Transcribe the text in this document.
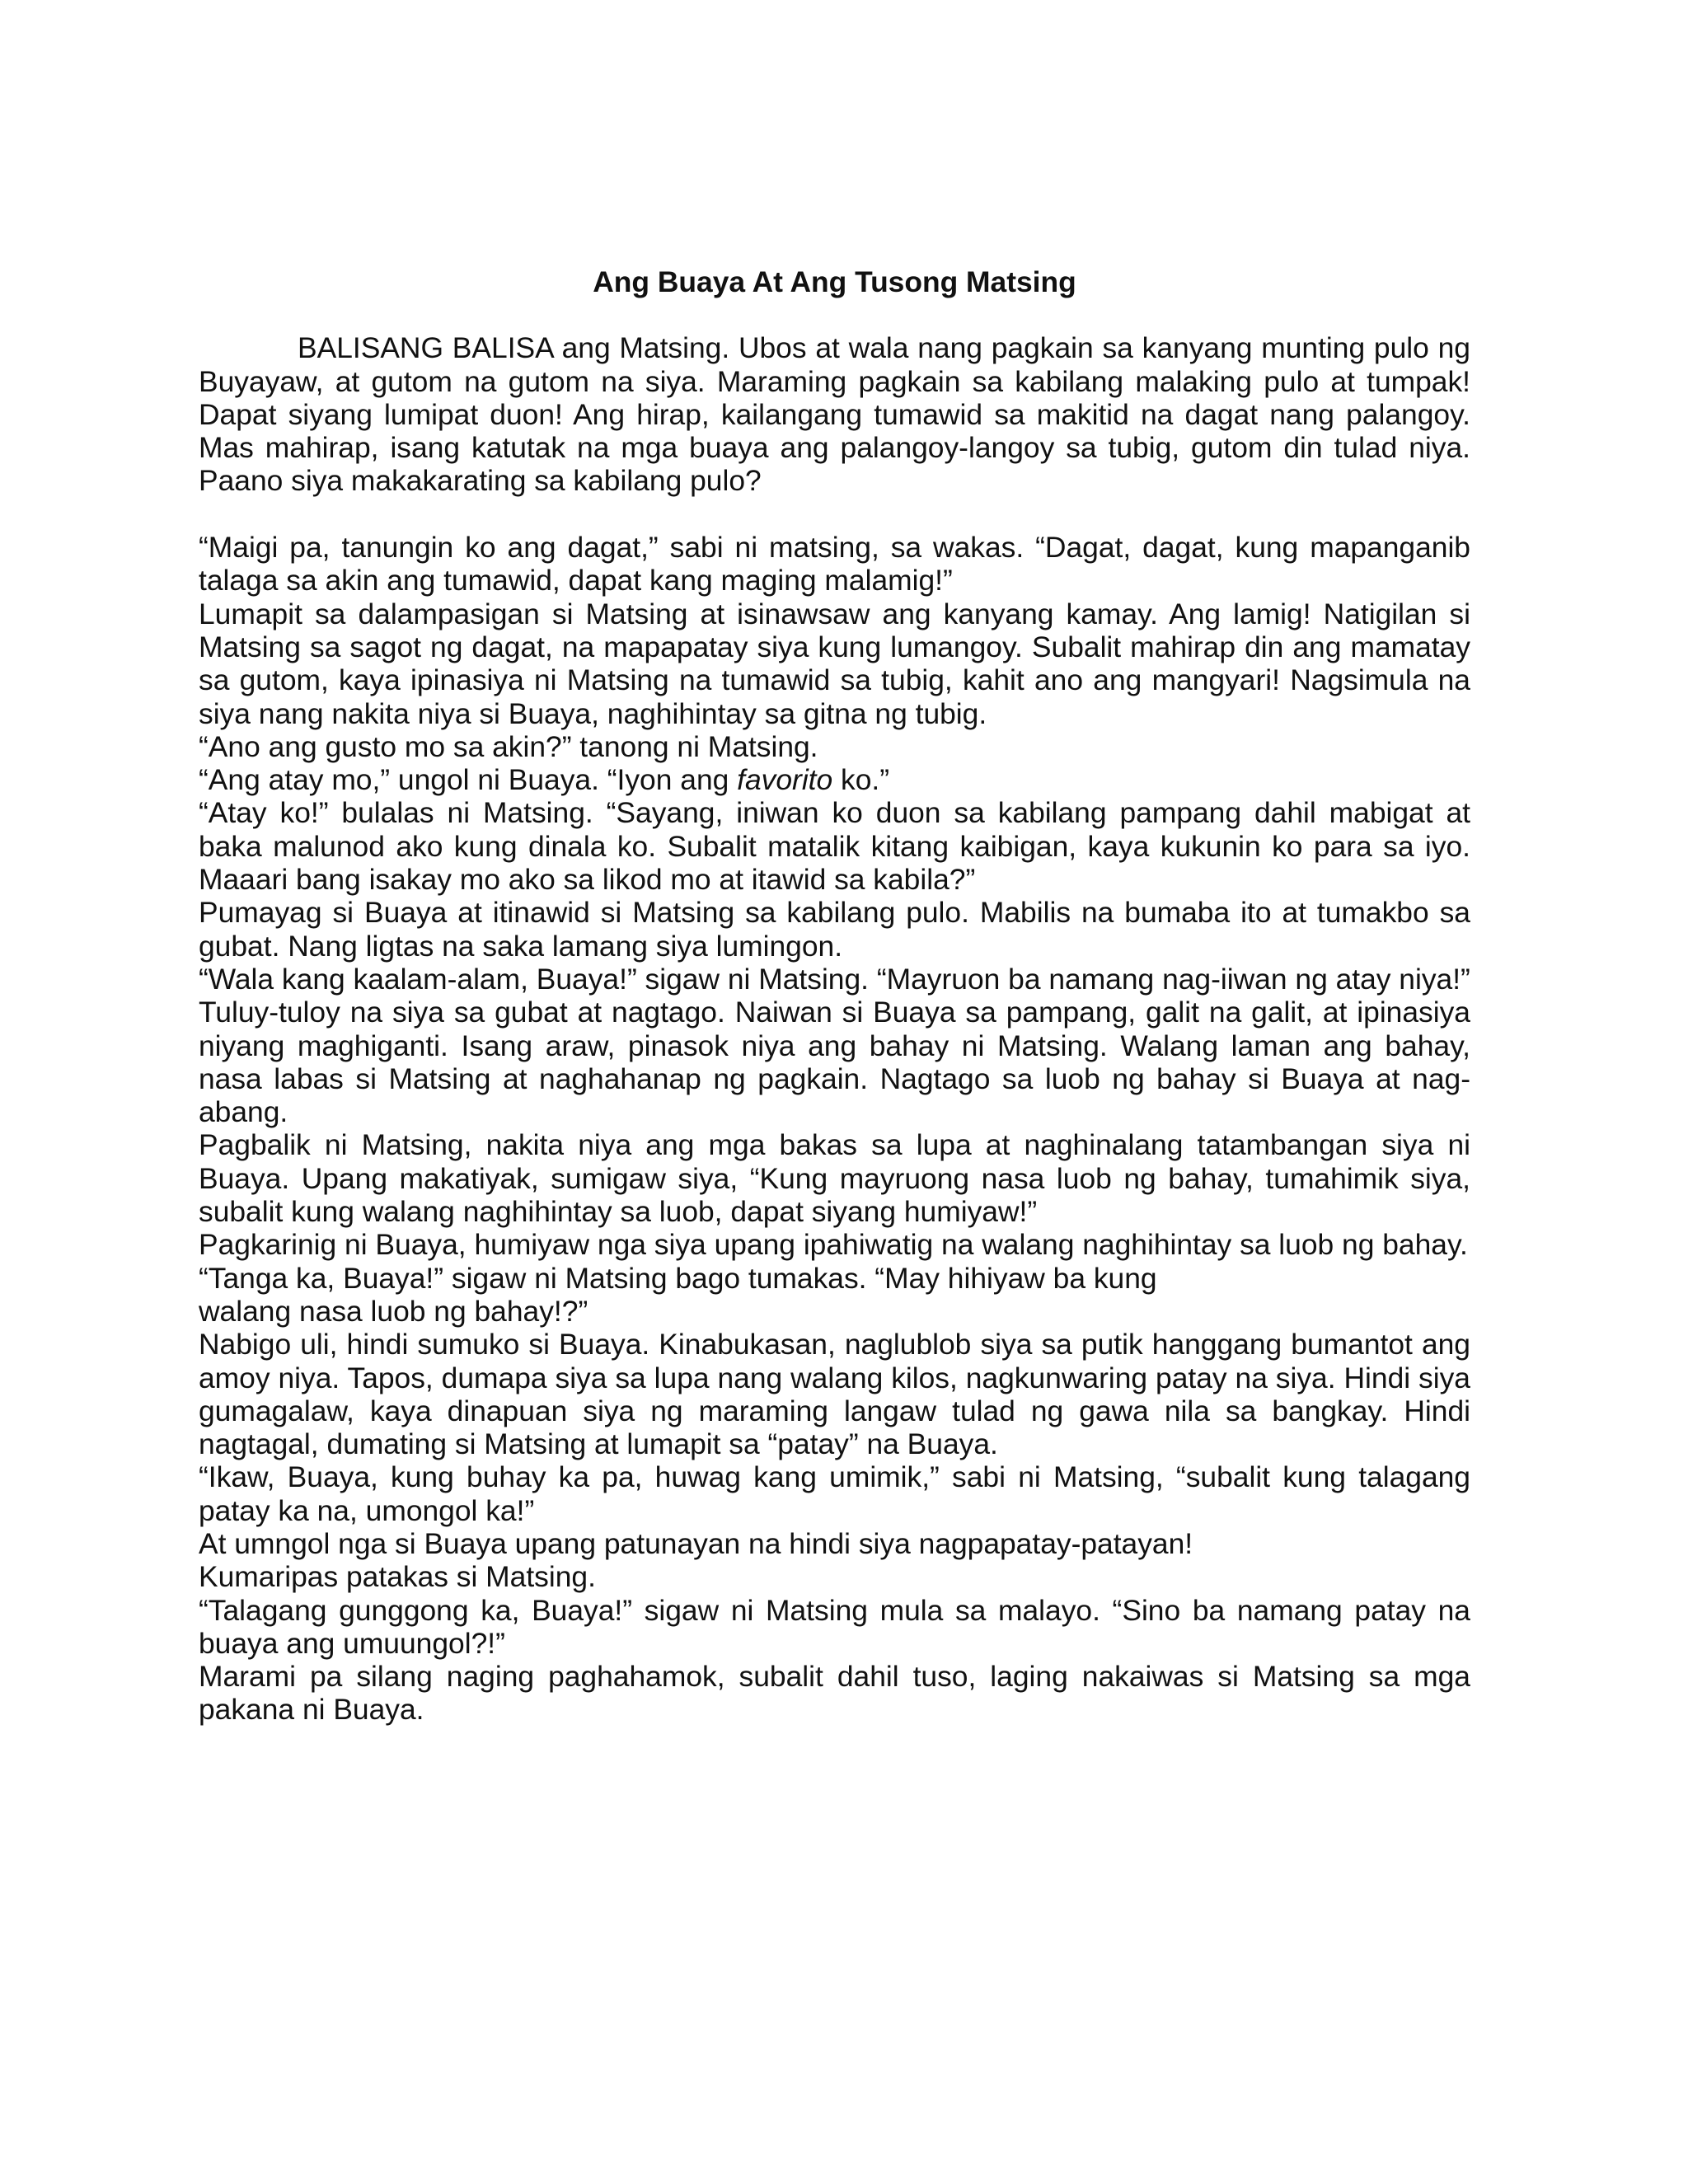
Ang Buaya At Ang Tusong Matsing

BALISANG BALISA ang Matsing. Ubos at wala nang pagkain sa kanyang munting pulo ng Buyayaw, at gutom na gutom na siya. Maraming pagkain sa kabilang malaking pulo at tumpak! Dapat siyang lumipat duon! Ang hirap, kailangang tumawid sa makitid na dagat nang palangoy. Mas mahirap, isang katutak na mga buaya ang palangoy-langoy sa tubig, gutom din tulad niya. Paano siya makakarating sa kabilang pulo?

“Maigi pa, tanungin ko ang dagat,” sabi ni matsing, sa wakas. “Dagat, dagat, kung mapanganib talaga sa akin ang tumawid, dapat kang maging malamig!”

Lumapit sa dalampasigan si Matsing at isinawsaw ang kanyang kamay. Ang lamig! Natigilan si Matsing sa sagot ng dagat, na mapapatay siya kung lumangoy. Subalit mahirap din ang mamatay sa gutom, kaya ipinasiya ni Matsing na tumawid sa tubig, kahit ano ang mangyari! Nagsimula na siya nang nakita niya si Buaya, naghihintay sa gitna ng tubig.

“Ano ang gusto mo sa akin?” tanong ni Matsing.

“Ang atay mo,” ungol ni Buaya. “Iyon ang favorito ko.”

“Atay ko!” bulalas ni Matsing. “Sayang, iniwan ko duon sa kabilang pampang dahil mabigat at baka malunod ako kung dinala ko. Subalit matalik kitang kaibigan, kaya kukunin ko para sa iyo. Maaari bang isakay mo ako sa likod mo at itawid sa kabila?”

Pumayag si Buaya at itinawid si Matsing sa kabilang pulo. Mabilis na bumaba ito at tumakbo sa gubat. Nang ligtas na saka lamang siya lumingon.

“Wala kang kaalam-alam, Buaya!” sigaw ni Matsing. “Mayruon ba namang nag-iiwan ng atay niya!”

Tuluy-tuloy na siya sa gubat at nagtago. Naiwan si Buaya sa pampang, galit na galit, at ipinasiya niyang maghiganti. Isang araw, pinasok niya ang bahay ni Matsing. Walang laman ang bahay, nasa labas si Matsing at naghahanap ng pagkain. Nagtago sa luob ng bahay si Buaya at nag-abang.

Pagbalik ni Matsing, nakita niya ang mga bakas sa lupa at naghinalang tatambangan siya ni Buaya. Upang makatiyak, sumigaw siya, “Kung mayruong nasa luob ng bahay, tumahimik siya, subalit kung walang naghihintay sa luob, dapat siyang humiyaw!”

Pagkarinig ni Buaya, humiyaw nga siya upang ipahiwatig na walang naghihintay sa luob ng bahay.

“Tanga ka, Buaya!” sigaw ni Matsing bago tumakas. “May hihiyaw ba kung

walang nasa luob ng bahay!?”

Nabigo uli, hindi sumuko si Buaya. Kinabukasan, naglublob siya sa putik hanggang bumantot ang amoy niya. Tapos, dumapa siya sa lupa nang walang kilos, nagkunwaring patay na siya. Hindi siya gumagalaw, kaya dinapuan siya ng maraming langaw tulad ng gawa nila sa bangkay. Hindi nagtagal, dumating si Matsing at lumapit sa “patay” na Buaya.

“Ikaw, Buaya, kung buhay ka pa, huwag kang umimik,” sabi ni Matsing, “subalit kung talagang patay ka na, umongol ka!”

At umngol nga si Buaya upang patunayan na hindi siya nagpapatay-patayan!

Kumaripas patakas si Matsing.

“Talagang gunggong ka, Buaya!” sigaw ni Matsing mula sa malayo. “Sino ba namang patay na buaya ang umuungol?!”

Marami pa silang naging paghahamok, subalit dahil tuso, laging nakaiwas si Matsing sa mga pakana ni Buaya.
